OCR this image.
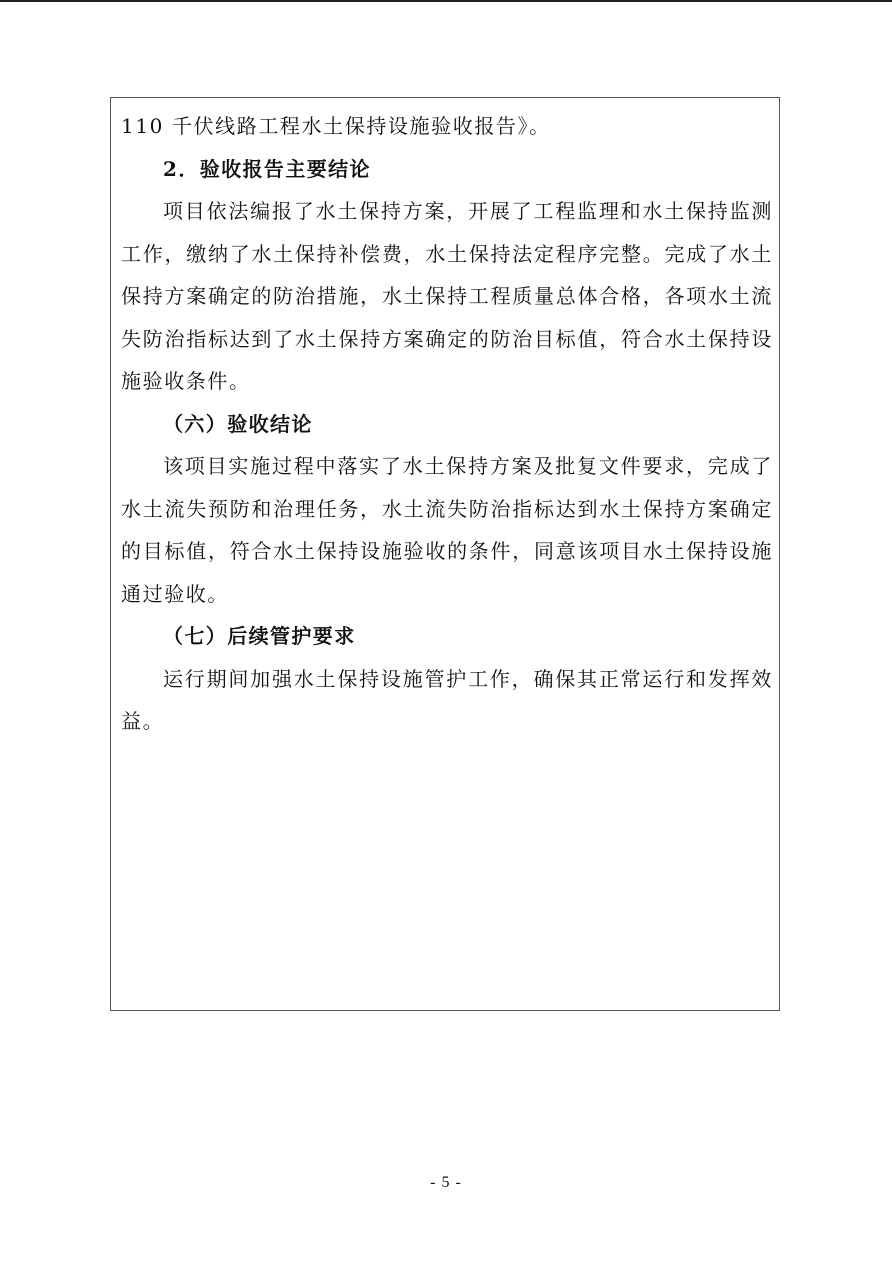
110 千伏线路工程水土保持设施验收报告》。

2．验收报告主要结论

项目依法编报了水土保持方案，开展了工程监理和水土保持监测工作，缴纳了水土保持补偿费，水土保持法定程序完整。完成了水土保持方案确定的防治措施，水土保持工程质量总体合格，各项水土流失防治指标达到了水土保持方案确定的防治目标值，符合水土保持设施验收条件。

（六）验收结论

该项目实施过程中落实了水土保持方案及批复文件要求，完成了水土流失预防和治理任务，水土流失防治指标达到水土保持方案确定的目标值，符合水土保持设施验收的条件，同意该项目水土保持设施通过验收。

（七）后续管护要求

运行期间加强水土保持设施管护工作，确保其正常运行和发挥效益。

- 5 -
